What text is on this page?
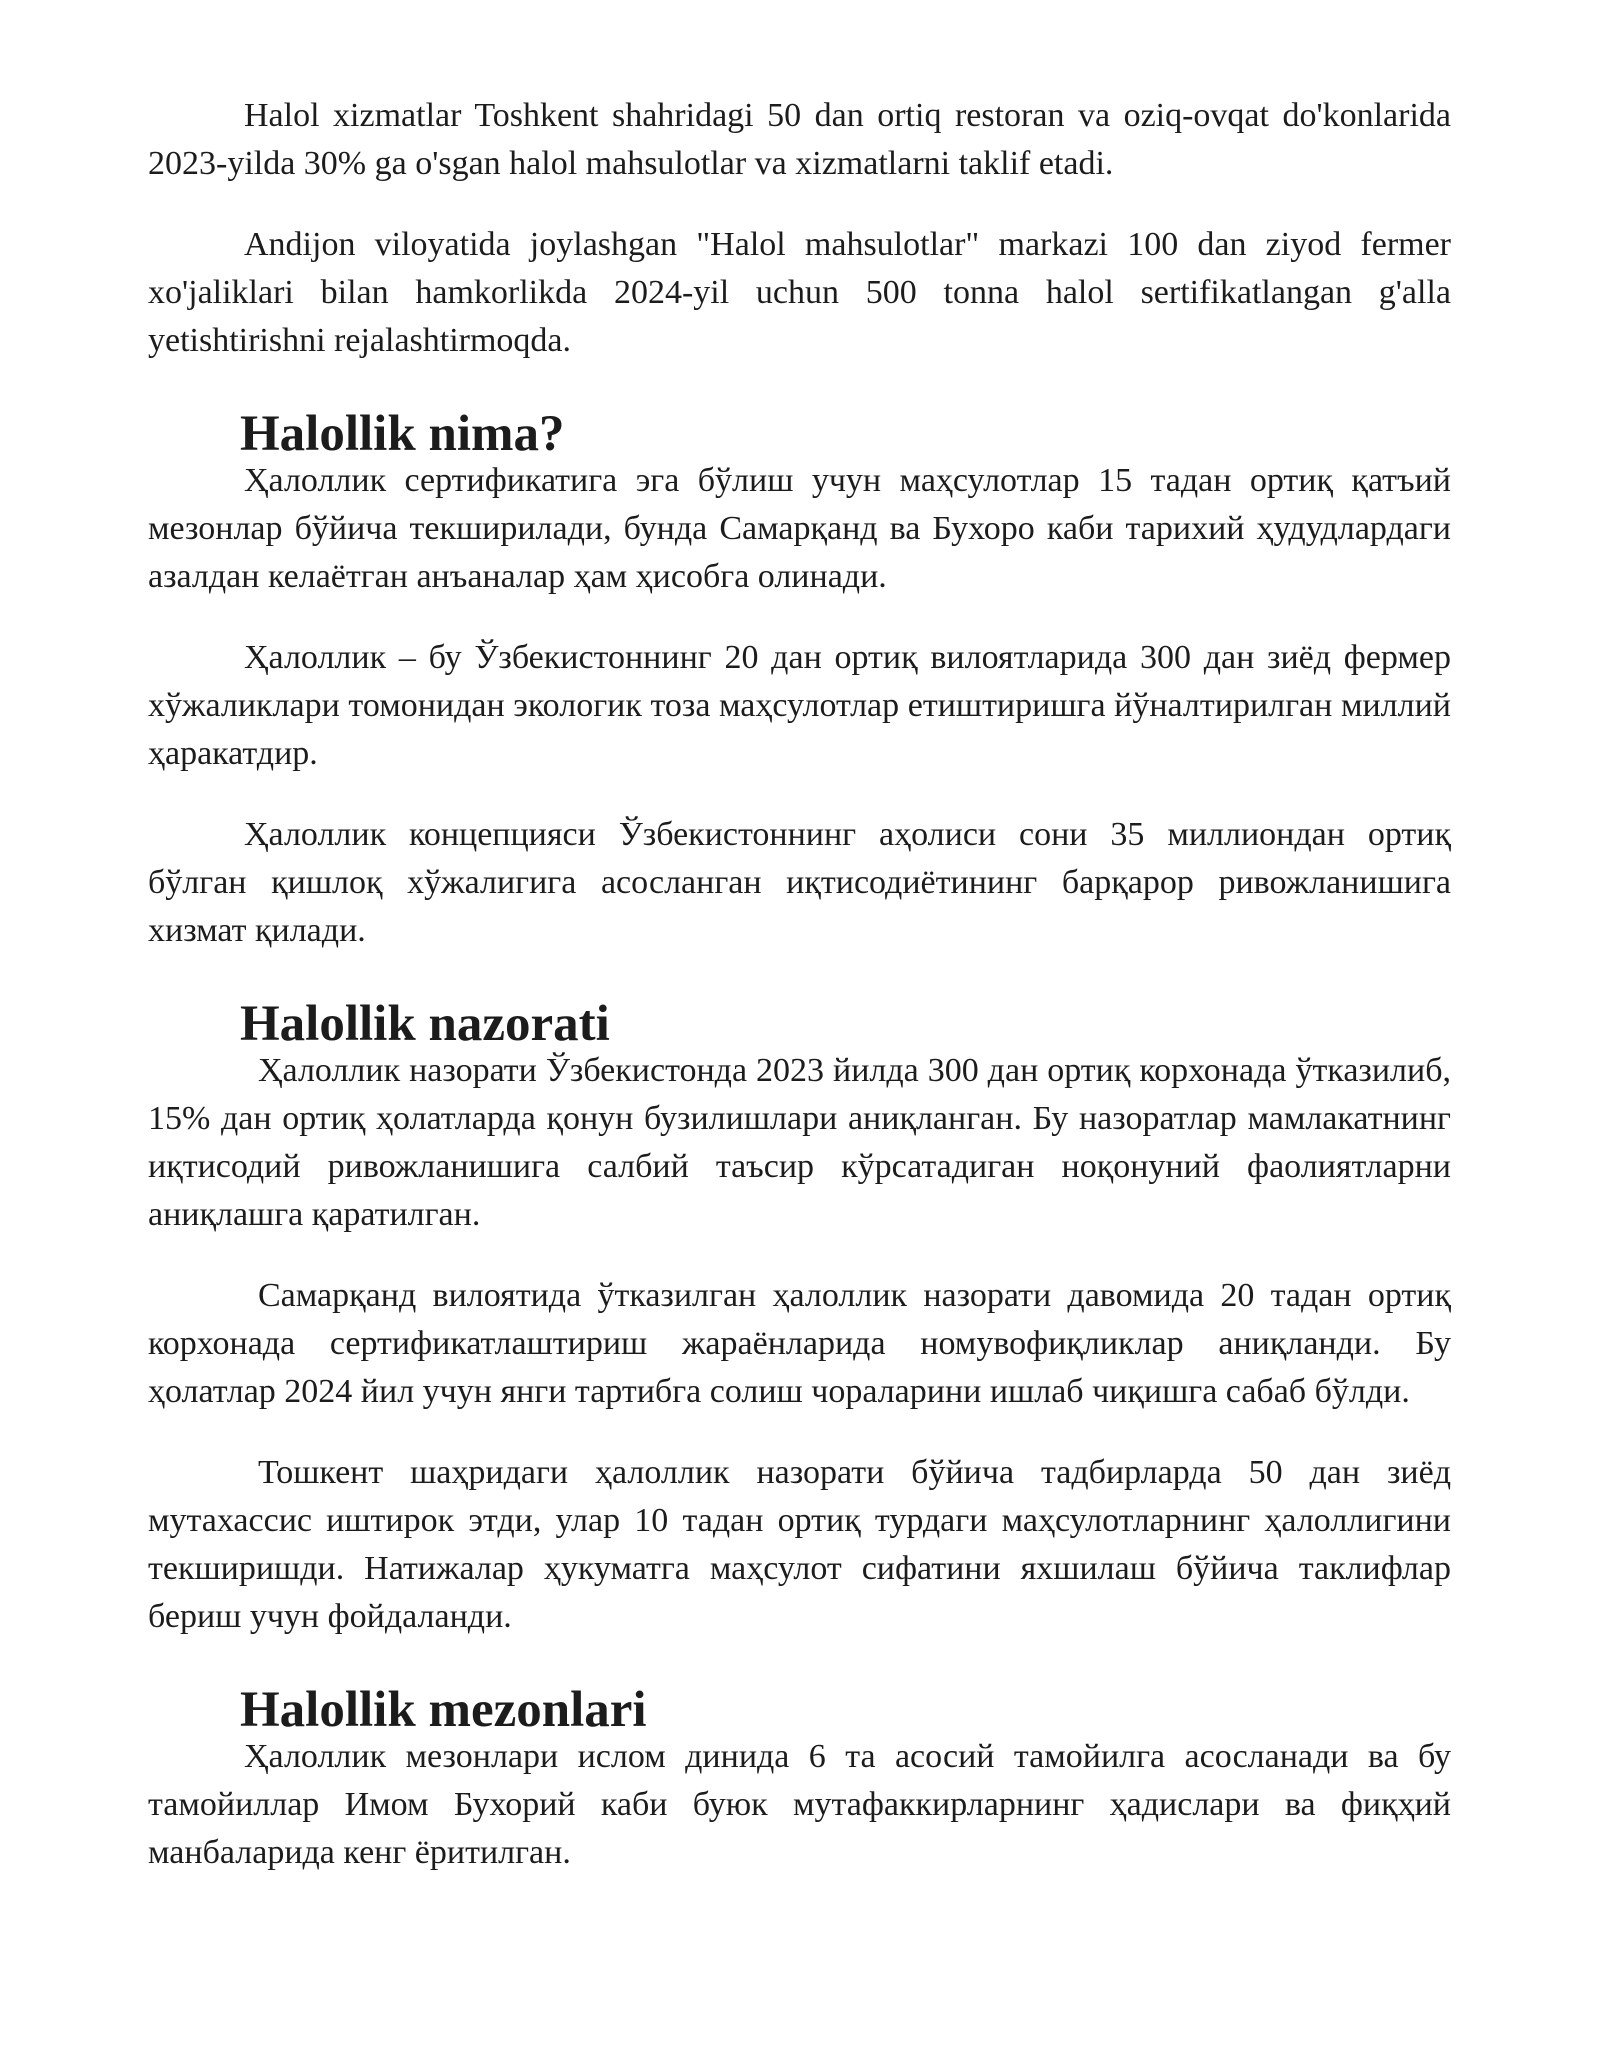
Halol xizmatlar Toshkent shahridagi 50 dan ortiq restoran va oziq-ovqat do'konlarida 2023-yilda 30% ga o'sgan halol mahsulotlar va xizmatlarni taklif etadi.

Andijon viloyatida joylashgan "Halol mahsulotlar" markazi 100 dan ziyod fermer xo'jaliklari bilan hamkorlikda 2024-yil uchun 500 tonna halol sertifikatlangan g'alla yetishtirishni rejalashtirmoqda.

Halollik nima?

Ҳалоллик сертификатига эга бўлиш учун маҳсулотлар 15 тадан ортиқ қатъий мезонлар бўйича текширилади, бунда Самарқанд ва Бухоро каби тарихий ҳудудлардаги азалдан келаётган анъаналар ҳам ҳисобга олинади.

Ҳалоллик – бу Ўзбекистоннинг 20 дан ортиқ вилоятларида 300 дан зиёд фермер хўжаликлари томонидан экологик тоза маҳсулотлар етиштиришга йўналтирилган миллий ҳаракатдир.

Ҳалоллик концепцияси Ўзбекистоннинг аҳолиси сони 35 миллиондан ортиқ бўлган қишлоқ хўжалигига асосланган иқтисодиётининг барқарор ривожланишига хизмат қилади.

Halollik nazorati

Ҳалоллик назорати Ўзбекистонда 2023 йилда 300 дан ортиқ корхонада ўтказилиб, 15% дан ортиқ ҳолатларда қонун бузилишлари аниқланган. Бу назоратлар мамлакатнинг иқтисодий ривожланишига салбий таъсир кўрсатадиган ноқонуний фаолиятларни аниқлашга қаратилган.

Самарқанд вилоятида ўтказилган ҳалоллик назорати давомида 20 тадан ортиқ корхонада сертификатлаштириш жараёнларида номувофиқликлар аниқланди. Бу ҳолатлар 2024 йил учун янги тартибга солиш чораларини ишлаб чиқишга сабаб бўлди.

Тошкент шаҳридаги ҳалоллик назорати бўйича тадбирларда 50 дан зиёд мутахассис иштирок этди, улар 10 тадан ортиқ турдаги маҳсулотларнинг ҳалоллигини текширишди. Натижалар ҳукуматга маҳсулот сифатини яхшилаш бўйича таклифлар бериш учун фойдаланди.

Halollik mezonlari

Ҳалоллик мезонлари ислом динида 6 та асосий тамойилга асосланади ва бу тамойиллар Имом Бухорий каби буюк мутафаккирларнинг ҳадислари ва фиқҳий манбаларида кенг ёритилган.
